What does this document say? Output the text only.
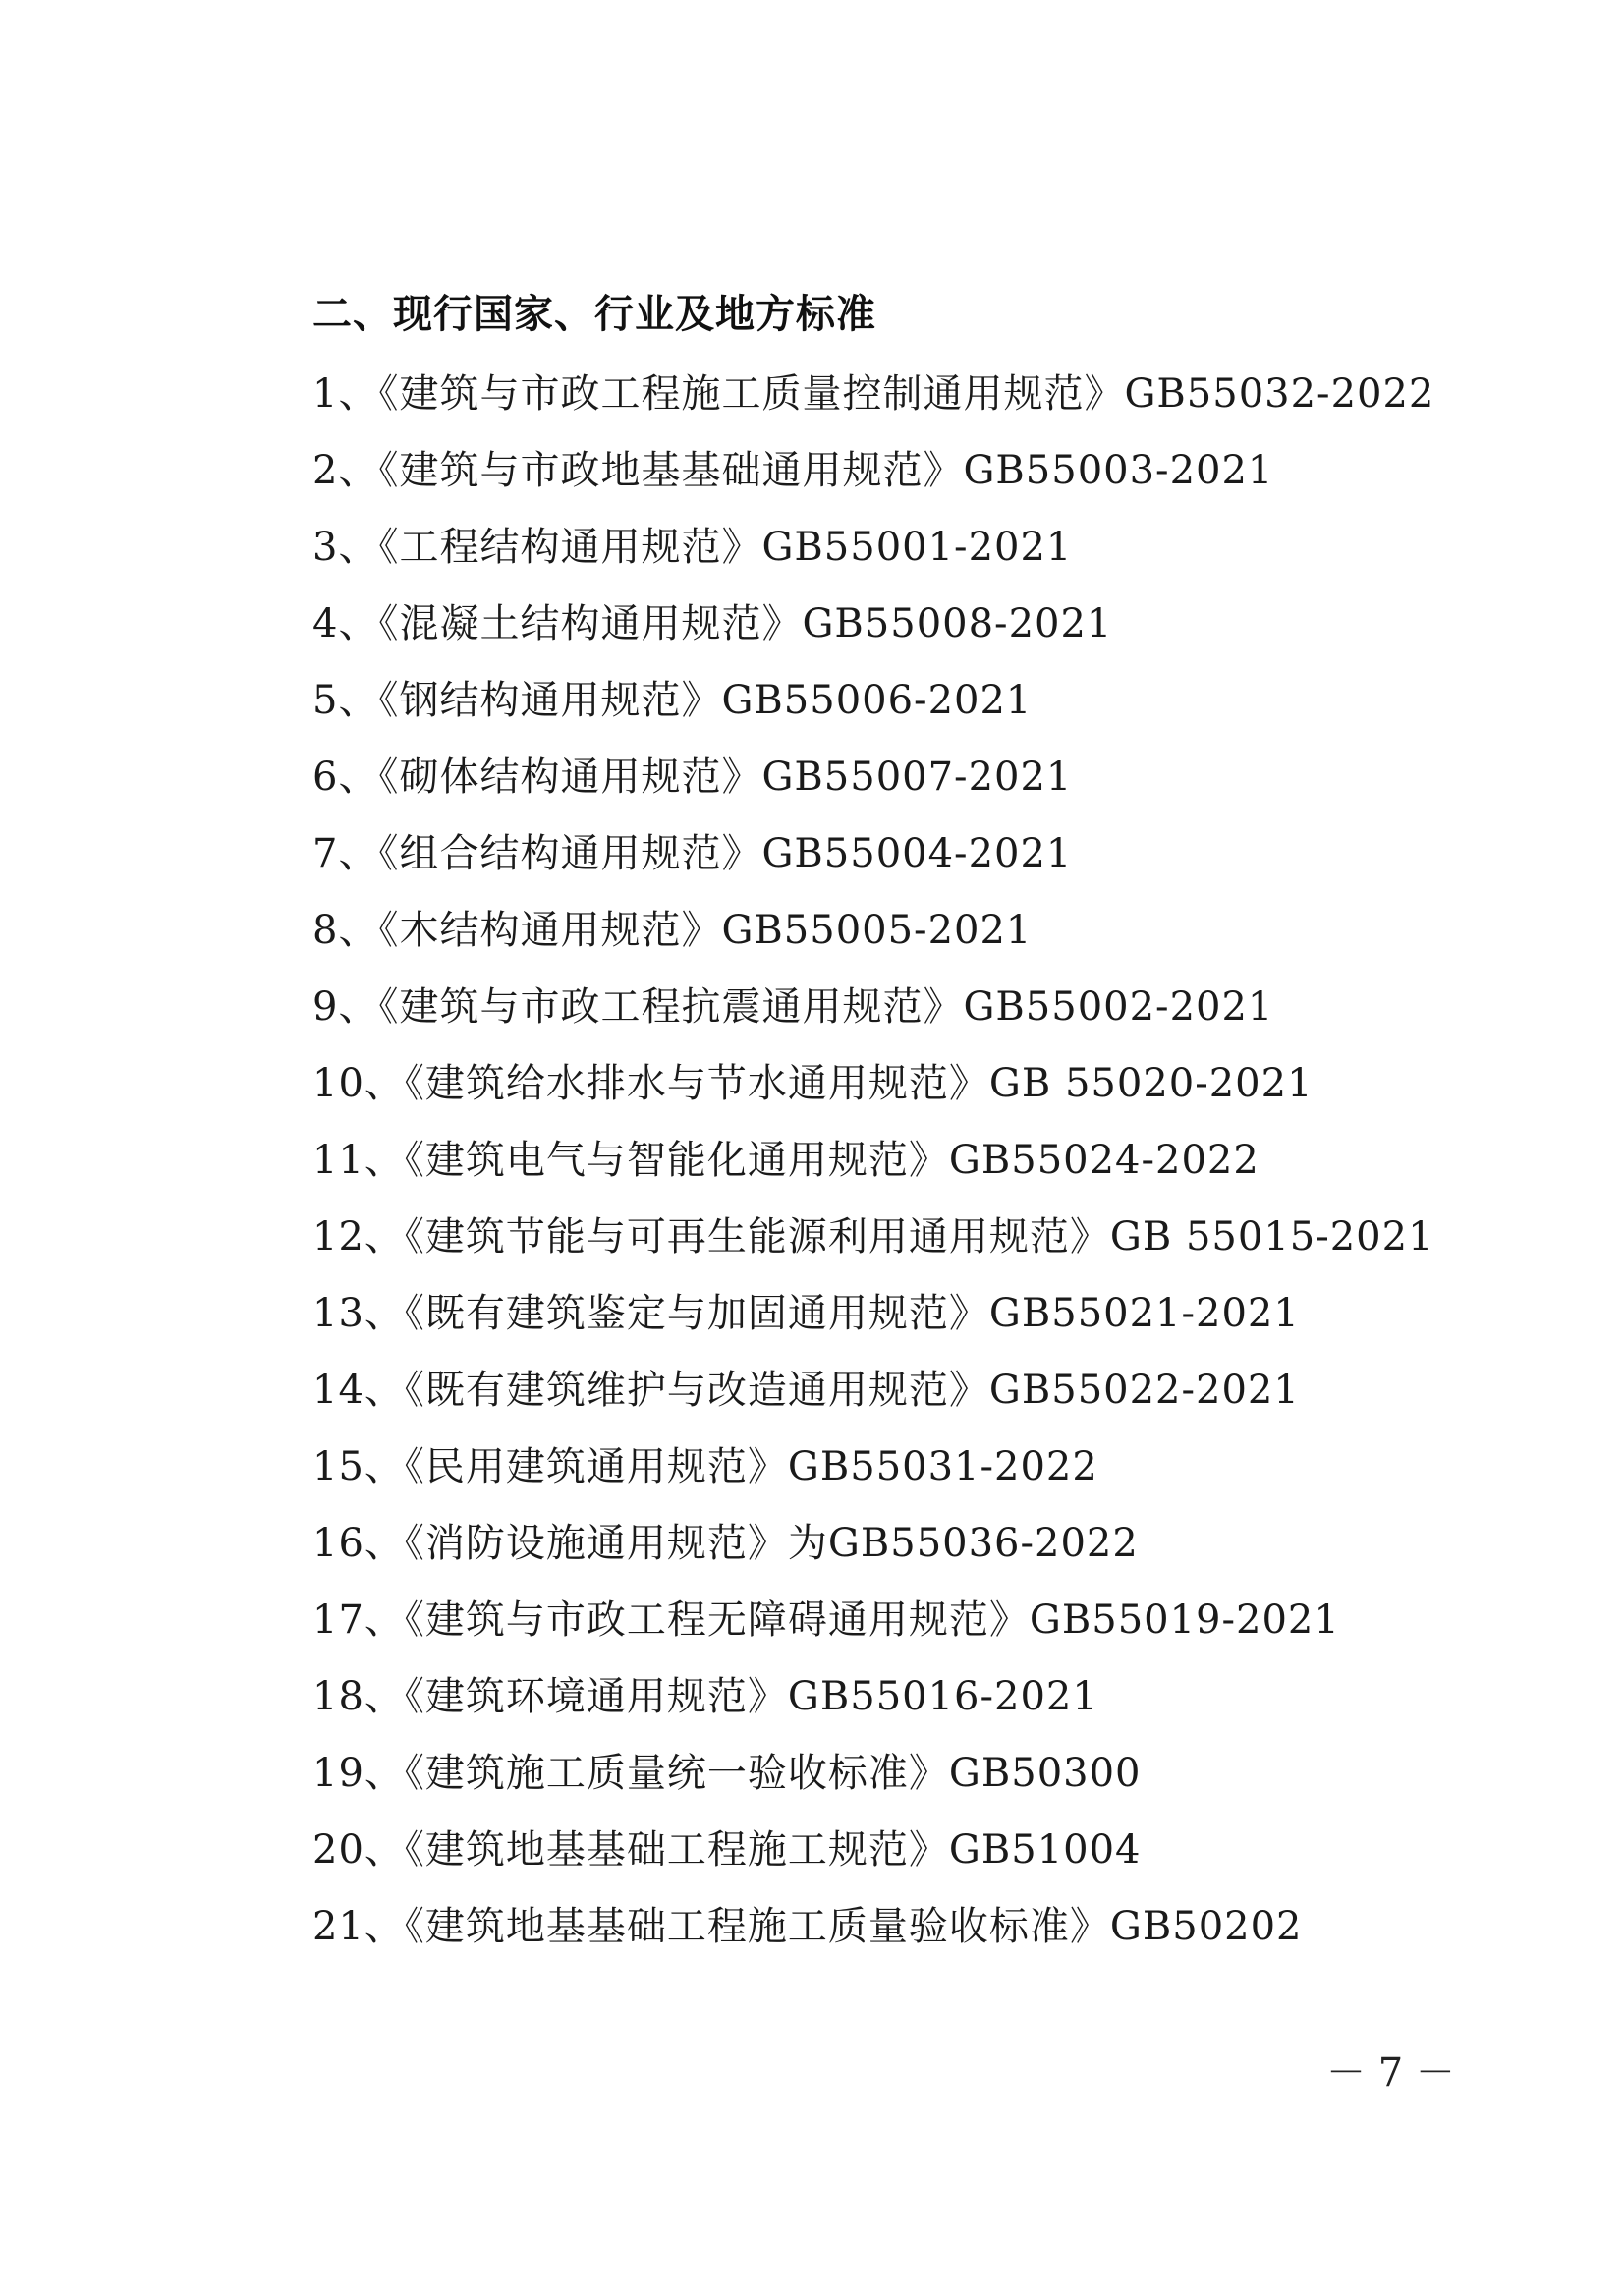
二、现行国家、行业及地方标准
1、《建筑与市政工程施工质量控制通用规范》GB55032-2022
2、《建筑与市政地基基础通用规范》GB55003-2021
3、《工程结构通用规范》GB55001-2021
4、《混凝土结构通用规范》GB55008-2021
5、《钢结构通用规范》GB55006-2021
6、《砌体结构通用规范》GB55007-2021
7、《组合结构通用规范》GB55004-2021
8、《木结构通用规范》GB55005-2021
9、《建筑与市政工程抗震通用规范》GB55002-2021
10、《建筑给水排水与节水通用规范》GB 55020-2021
11、《建筑电气与智能化通用规范》GB55024-2022
12、《建筑节能与可再生能源利用通用规范》GB 55015-2021
13、《既有建筑鉴定与加固通用规范》GB55021-2021
14、《既有建筑维护与改造通用规范》GB55022-2021
15、《民用建筑通用规范》GB55031-2022
16、《消防设施通用规范》为GB55036-2022
17、《建筑与市政工程无障碍通用规范》GB55019-2021
18、《建筑环境通用规范》GB55016-2021
19、《建筑施工质量统一验收标准》GB50300
20、《建筑地基基础工程施工规范》GB51004
21、《建筑地基基础工程施工质量验收标准》GB50202
－ 7 －
